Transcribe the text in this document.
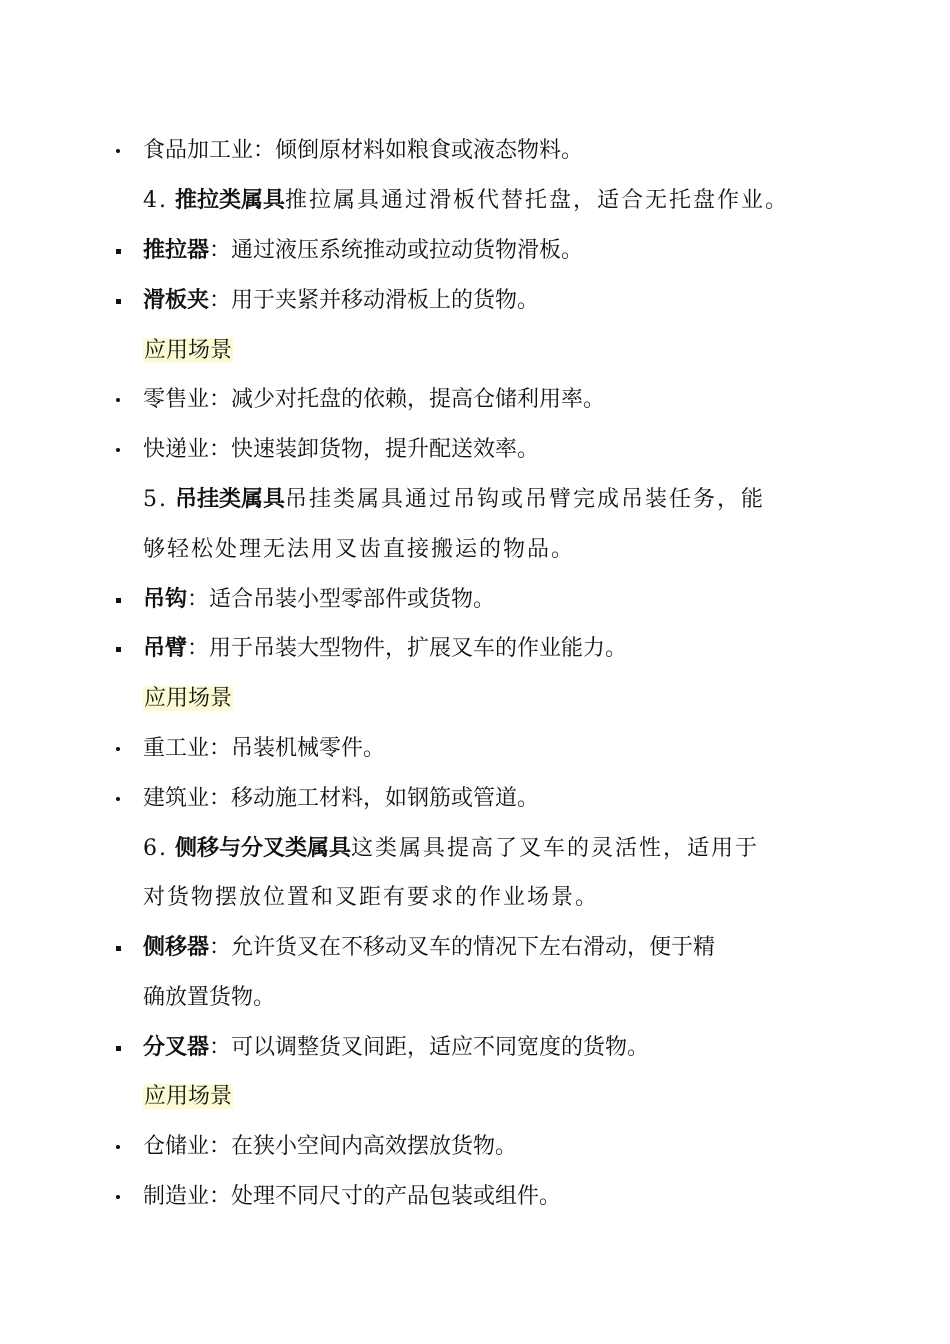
食品加工业：倾倒原材料如粮食或液态物料。
4. 推拉类属具推拉属具通过滑板代替托盘，适合无托盘作业。
推拉器：通过液压系统推动或拉动货物滑板。
滑板夹：用于夹紧并移动滑板上的货物。
应用场景
零售业：减少对托盘的依赖，提高仓储利用率。
快递业：快速装卸货物，提升配送效率。
5. 吊挂类属具吊挂类属具通过吊钩或吊臂完成吊装任务，能
够轻松处理无法用叉齿直接搬运的物品。
吊钩：适合吊装小型零部件或货物。
吊臂：用于吊装大型物件，扩展叉车的作业能力。
应用场景
重工业：吊装机械零件。
建筑业：移动施工材料，如钢筋或管道。
6. 侧移与分叉类属具这类属具提高了叉车的灵活性，适用于
对货物摆放位置和叉距有要求的作业场景。
侧移器：允许货叉在不移动叉车的情况下左右滑动，便于精
确放置货物。
分叉器：可以调整货叉间距，适应不同宽度的货物。
应用场景
仓储业：在狭小空间内高效摆放货物。
制造业：处理不同尺寸的产品包装或组件。
